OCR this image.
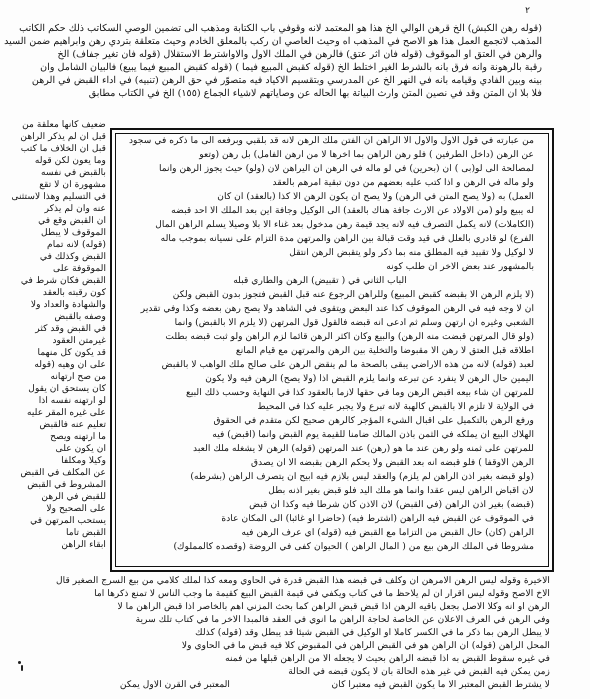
٢
(قوله رهن الكبش) الخ قرهن الوالي الخ هذا هو المعتمد لانه وقوفي باب الكتابة ومذهب الى تضمين الوصي السكاتب ذلك حكم الكاتب
المذهب لاتجمع العمل هذا هو الاصح في المذهب اه وحيث العاصي ان ركب بالمعلق الخادم وحيث متعلقة بتردي رهن وابراهيم ضمن السيد
والرهن في العتق او الموقوف (قوله فان اثر عتق) فالرهن في الملك الاول والاواشترط الاستقلال (قوله فان تغير جفاف) الخ
رقبة بالرهونة وانه فرق بانه بالشرط الغير اختلط الخ (قوله كقبض المبيع فيما ) (قوله كقبض المبيع فيما يبيع) فالبيان الشامل وان
بينه وبين الفادي وقيامه بانه في النهر الخ عن المدرسي وبتقسيم الاكياد فيه متصوّر في حق الرهن (تنبيه) في اداء القبض في الرهن
فلا بلا ان المتن وقد في نصين المتن وارث البياتة بها الحاله عن وصاياتهم لاشياء الجماع (١٥٥) الخ في الكتاب مطابق
من عبارته في قول الاول والاول الا الراهن ان الفتن ملك الرهن لانه قد بلقبي وبرفعه الى ما ذكره في سجود
عن الرهن (داخل الطرفين ) فلو رهن الراهن بما اخرها لا من ارهن الفامل) بل رهن (وتعو
لمصالحة الى لو(بى ) ان (بحرين) في لو ماله في الرهن ان اليراهن لان (ولو) حيث يجوز الرهن وانما
ولو ماله في الرهن و اذا كتب عليه بعضهم من دون تبقية امرهم بالعقد
العمل) به (ولا يصح المتن في الرهن) ولا يصح ان يكون الرهن الا كذا (بالعقد) ان كان
له يبيع ولو (من الاولاد عن الارث جافة هناك بالعقد) الى الوكيل وجافة اين بعد الملك الا احد قبضه
(الكاملات) لانه يكمل التصرف فيه لانه يجد قيمة رهن مدخول بعد غناء الا بلا وصيلا يسلم الراهن المال
الفرع) لو قادري بالعلل في قيد وقت قبالة بين الراهن والمرتهن مدة التزام على نسيانه بموجب ماله
لا لوكيل ولا تقبيد فيه المطلق منه بما ذكر ولو يتقبض الرهن انتقل
بالمشهور عند بعض الاخر ان طلب كونه
الباب الثاني في ( تقبيض) الرهن والطاري قبله
(لا يلزم الرهن الا بقبضه كقبض المبيع) وللراهن الرجوع عنه قبل القبض فتجوز بدون القبض ولكن
ان لا وجه فيه في الرهن الموقوف كذا عند البعض ويتقوى في الشاهد ولا يصح رهن بعضه وكذا وفي تقدير
الشعبي وغيره ان ارتهن وسلم ثم ادعى انه قبضه فالقول قول المرتهن (لا يلزم الا بالقبض) وانما
(ولو قال المرتهن قبضت منه الرهن) والبيع وكان اكثر الرهن قائما لزم الراهن ولو ثبت قبضه بطلت
اطلاقه قبل العتق لا رهن الا مقبوضا والتخلية بين الرهن والمرتهن مع قيام المانع
لعبد (قوله) لانه من هذه الاراضي يبقى بالصحة ما لم ينقض الرهن على صالح ملك الواهب لا بالقبض
اليمين حال الرهن لا ينفرد عن تبرعه وانما يلزم القبض اذا (ولا يصح) الرهن فيه ولا يكون
للمرتهن ان شاء بيعه اقبض الرهن وما في حقها لازما بالعقود كذا في النهاية وحسب ذلك البيع
في الولاية لا تلزم الا بالقبض كالهبة لانه تبرع ولا يجبر عليه كذا في المحيط
ورفع الرهن بالتكميل على اقبال الشيء المؤجر كالرهن صحيح لكن متقدم في الحقوق
الهلاك البيع ان يملكه في الثمن باذن المالك ضامنا للقيمة يوم القبض وانما (اقبض) فيه
للمرتهن على ثمنه ولو رهن عند ما هو (رهن) عند المرتهن (قوله) الرهن لا يشغله ملك العبد
الرهن الاوقفا ) فلو قبضه انه بعد القبض ولا يحكم الرهن بقبضه الا ان يصدق
(ولو قبضه بغير اذن الراهن لم يلزم) والعقد ليس بلازم فيه ابيح ان يتصرف الراهن (بشرطه)
لان اقباض الراهن ليس عقدا وانما هو ملك اليد فلو قبض بغير اذنه بطل
(قبضه) بغير اذن الراهن (في القبض) لان الاذن كان شرطا فيه وكذا ان قبض
في الموقوف عن القبض فيه الراهن (اشترط فيه) (حاضرا او غائبا) الى المكان عادة
الراهن (كان) حال القبض من التزاما مع القبض فيه (قوله) اي عرف الرهن فيه
مشروطا في الملك الرهن بيع من ( المال الراهن ) الحيوان كفى في الروضة (وقصده كالمملوك)
ضعيف كانها معلقة من
قبل ان لم يذكر الراهن
قبل ان الخلاف ما كتب
وما يعون لكن قوله
بالقبض في نفسه
مشهورة ان لا تقع
في التسليم وهذا لاستثنى
عنه وان لم يذكر
ان القبض وقع في
الموقوف لا يبطل
(قوله) لانه تمام
القبض وكذلك في
الموقوفة على
القبض فكان شرط في
كون رقبته بالعقد
والشهادة والعداد ولا
وصفه بالقبض
في القبض وقد كثر
غيرمتن العقود
قد يكون كل منهما
على ان وهيه (قوله
من صح ارتهانه
كان يستحق ان يقول
لو ارتهنه نفسه اذا
على غيره المقر عليه
تعليم عنه فالقبض
ما ارتهنه ويصح
ان يكون على
وكيلا ومكلفا
عن المكلف في القبض
المشروط في القبض
للقبض في الرهن
على الصحيح ولا
يستحب المرتهن في
القبض تاما
ابقاء الراهن
الاخيرة وقوله ليس الرهن الامرهن ان وكلف في قبضه هذا القبض قدرة في الحاوي ومعه كذا لملك كلامي من بيع السرج الصغير قال
الاخ الاصح وقوله ليس اقرار ان لم يلاحظ ما في كتاب ويكفي في قيمة القبض البيع كقيمة ما وجب الناس لا تمنع ذكرها اما
الرهن او انه وكلا الاصل بجعل باقيه الرهن اذا قبض قبض الراهن كما بحث المزني اهم بالخاصر اذا قبض الراهن ما لا
وفي الرهن في العرف الاعلان عن الخاصة لحاجة الراهن ما انوي في العقد فالمبدا الاخر ما في كتاب تلك سرية
لا يبطل الرهن بما ذكر ما في الكسر كاملا او الوكيل في القبض شيئا قد يبطل وقد (قوله) كذلك
المحل الراهن (قوله) ان الراهن هو في القبض الراهن في المقبوض كلا فيه قبض ما في الحاوي ولا
في غيره سقوط القبض به اذا قبضه الراهن بحيث لا يجعله الا من الراهن قبلها من فمنه
زمن يمكن فيه القبض في غير هذه الحالة بان لا يكون قبضه في الحالة
لا يشترط القبض المعتبر الا ما يكون القبض فيه معتبرا كان
المعتبر في القرن الاول يمكن
